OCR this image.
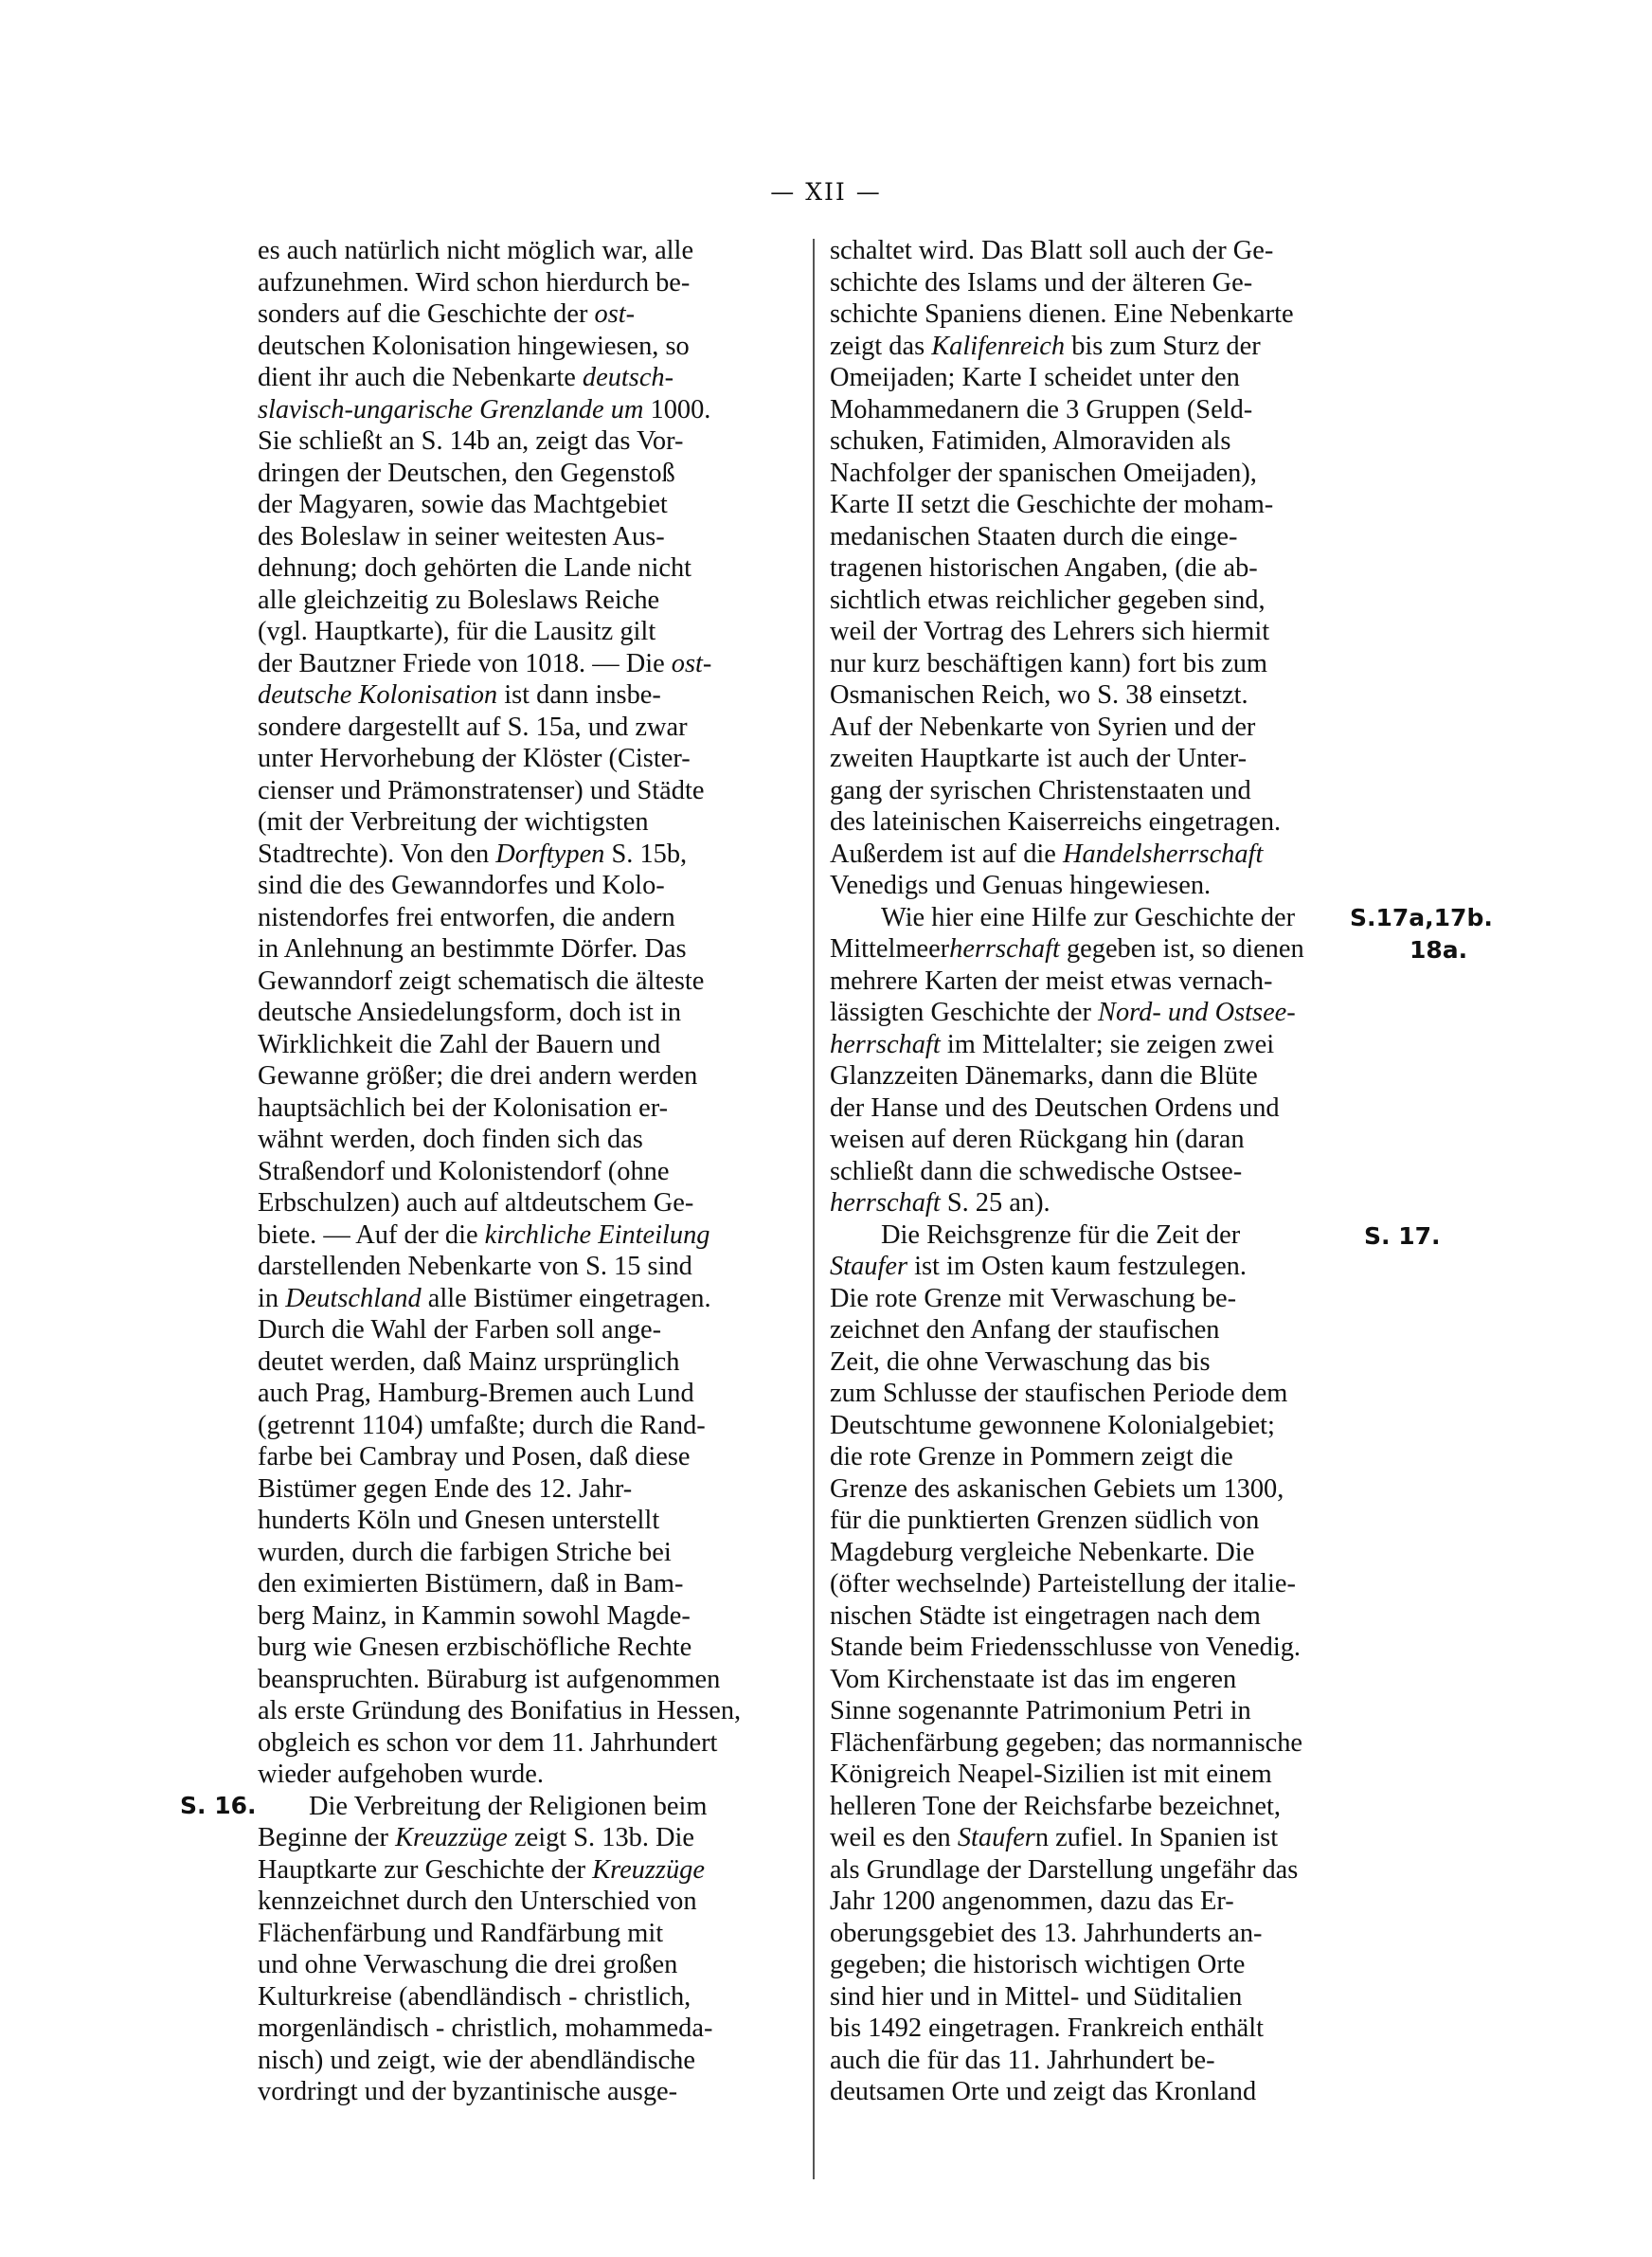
— XII —
es auch natürlich nicht möglich war, alle
aufzunehmen. Wird schon hierdurch be-
sonders auf die Geschichte der ost-
deutschen Kolonisation hingewiesen, so
dient ihr auch die Nebenkarte deutsch-
slavisch-ungarische Grenzlande um 1000.
Sie schließt an S. 14b an, zeigt das Vor-
dringen der Deutschen, den Gegenstoß
der Magyaren, sowie das Machtgebiet
des Boleslaw in seiner weitesten Aus-
dehnung; doch gehörten die Lande nicht
alle gleichzeitig zu Boleslaws Reiche
(vgl. Hauptkarte), für die Lausitz gilt
der Bautzner Friede von 1018. — Die ost-
deutsche Kolonisation ist dann insbe-
sondere dargestellt auf S. 15a, und zwar
unter Hervorhebung der Klöster (Cister-
cienser und Prämonstratenser) und Städte
(mit der Verbreitung der wichtigsten
Stadtrechte). Von den Dorftypen S. 15b,
sind die des Gewanndorfes und Kolo-
nistendorfes frei entworfen, die andern
in Anlehnung an bestimmte Dörfer. Das
Gewanndorf zeigt schematisch die älteste
deutsche Ansiedelungsform, doch ist in
Wirklichkeit die Zahl der Bauern und
Gewanne größer; die drei andern werden
hauptsächlich bei der Kolonisation er-
wähnt werden, doch finden sich das
Straßendorf und Kolonistendorf (ohne
Erbschulzen) auch auf altdeutschem Ge-
biete. — Auf der die kirchliche Einteilung
darstellenden Nebenkarte von S. 15 sind
in Deutschland alle Bistümer eingetragen.
Durch die Wahl der Farben soll ange-
deutet werden, daß Mainz ursprünglich
auch Prag, Hamburg-Bremen auch Lund
(getrennt 1104) umfaßte; durch die Rand-
farbe bei Cambray und Posen, daß diese
Bistümer gegen Ende des 12. Jahr-
hunderts Köln und Gnesen unterstellt
wurden, durch die farbigen Striche bei
den eximierten Bistümern, daß in Bam-
berg Mainz, in Kammin sowohl Magde-
burg wie Gnesen erzbischöfliche Rechte
beanspruchten. Büraburg ist aufgenommen
als erste Gründung des Bonifatius in Hessen,
obgleich es schon vor dem 11. Jahrhundert
wieder aufgehoben wurde.
Die Verbreitung der Religionen beim
Beginne der Kreuzzüge zeigt S. 13b. Die
Hauptkarte zur Geschichte der Kreuzzüge
kennzeichnet durch den Unterschied von
Flächenfärbung und Randfärbung mit
und ohne Verwaschung die drei großen
Kulturkreise (abendländisch - christlich,
morgenländisch - christlich, mohammeda-
nisch) und zeigt, wie der abendländische
vordringt und der byzantinische ausge-
schaltet wird. Das Blatt soll auch der Ge-
schichte des Islams und der älteren Ge-
schichte Spaniens dienen. Eine Nebenkarte
zeigt das Kalifenreich bis zum Sturz der
Omeijaden; Karte I scheidet unter den
Mohammedanern die 3 Gruppen (Seld-
schuken, Fatimiden, Almoraviden als
Nachfolger der spanischen Omeijaden),
Karte II setzt die Geschichte der moham-
medanischen Staaten durch die einge-
tragenen historischen Angaben, (die ab-
sichtlich etwas reichlicher gegeben sind,
weil der Vortrag des Lehrers sich hiermit
nur kurz beschäftigen kann) fort bis zum
Osmanischen Reich, wo S. 38 einsetzt.
Auf der Nebenkarte von Syrien und der
zweiten Hauptkarte ist auch der Unter-
gang der syrischen Christenstaaten und
des lateinischen Kaiserreichs eingetragen.
Außerdem ist auf die Handelsherrschaft
Venedigs und Genuas hingewiesen.
Wie hier eine Hilfe zur Geschichte der
Mittelmeerherrschaft gegeben ist, so dienen
mehrere Karten der meist etwas vernach-
lässigten Geschichte der Nord- und Ostsee-
herrschaft im Mittelalter; sie zeigen zwei
Glanzzeiten Dänemarks, dann die Blüte
der Hanse und des Deutschen Ordens und
weisen auf deren Rückgang hin (daran
schließt dann die schwedische Ostsee-
herrschaft S. 25 an).
Die Reichsgrenze für die Zeit der
Staufer ist im Osten kaum festzulegen.
Die rote Grenze mit Verwaschung be-
zeichnet den Anfang der staufischen
Zeit, die ohne Verwaschung das bis
zum Schlusse der staufischen Periode dem
Deutschtume gewonnene Kolonialgebiet;
die rote Grenze in Pommern zeigt die
Grenze des askanischen Gebiets um 1300,
für die punktierten Grenzen südlich von
Magdeburg vergleiche Nebenkarte. Die
(öfter wechselnde) Parteistellung der italie-
nischen Städte ist eingetragen nach dem
Stande beim Friedensschlusse von Venedig.
Vom Kirchenstaate ist das im engeren
Sinne sogenannte Patrimonium Petri in
Flächenfärbung gegeben; das normannische
Königreich Neapel-Sizilien ist mit einem
helleren Tone der Reichsfarbe bezeichnet,
weil es den Staufern zufiel. In Spanien ist
als Grundlage der Darstellung ungefähr das
Jahr 1200 angenommen, dazu das Er-
oberungsgebiet des 13. Jahrhunderts an-
gegeben; die historisch wichtigen Orte
sind hier und in Mittel- und Süditalien
bis 1492 eingetragen. Frankreich enthält
auch die für das 11. Jahrhundert be-
deutsamen Orte und zeigt das Kronland
S. 16.
S.17a,17b.
18a.
S. 17.
